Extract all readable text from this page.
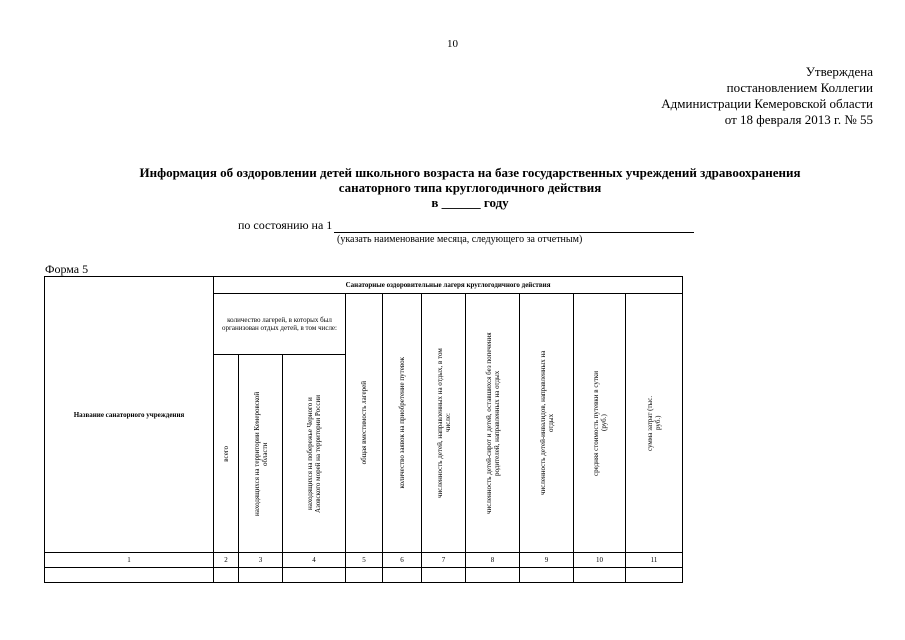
10
Утверждена
постановлением Коллегии
Администрации Кемеровской области
от 18 февраля 2013 г. № 55
Информация об оздоровлении детей школьного возраста на базе государственных учреждений здравоохранения
санаторного типа круглогодичного действия
в ______ году
по состоянию на 1
(указать наименование месяца, следующего за отчетным)
Форма 5
Название санаторного учреждения	Санаторные оздоровительные лагеря круглогодичного действия									

	количество лагерей, в которых был организован отдых детей, в том числе:			общая вместимость лагерей	количество заявок на приобретение путевок	численность детей, направленных на отдых, в том числе:	численность детей-сирот и детей, оставшихся без попечения родителей, направленных на отдых	численность детей-инвалидов, направленных на отдых	средняя стоимость путевки в сутки (руб.)	сумма затрат (тыс. руб.)

	всего	находящихся на территории Кемеровской области	находящихся на побережье Черного и Азовского морей на территории России							

1	2	3	4	5	6	7	8	9	10	11
